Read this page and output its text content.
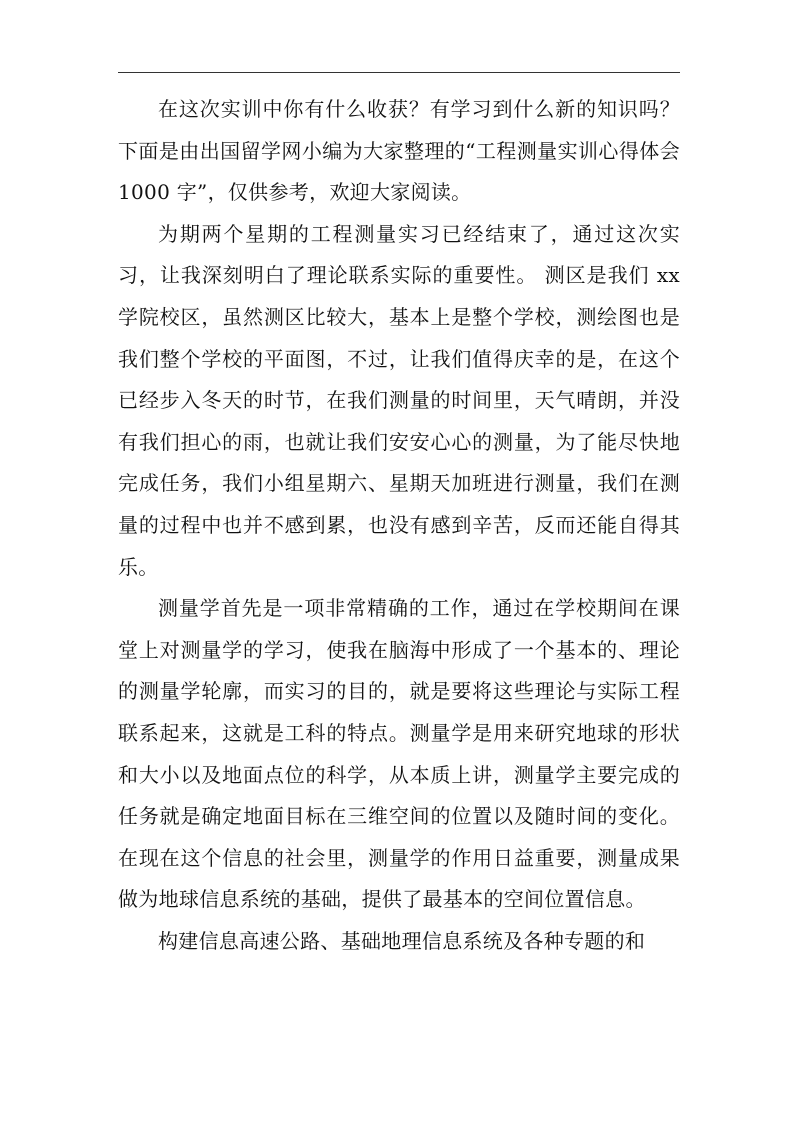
在这次实训中你有什么收获？有学习到什么新的知识吗？下面是由出国留学网小编为大家整理的“工程测量实训心得体会 1000 字”，仅供参考，欢迎大家阅读。

为期两个星期的工程测量实习已经结束了，通过这次实习，让我深刻明白了理论联系实际的重要性。 测区是我们 xx 学院校区，虽然测区比较大，基本上是整个学校，测绘图也是我们整个学校的平面图，不过，让我们值得庆幸的是，在这个已经步入冬天的时节，在我们测量的时间里，天气晴朗，并没有我们担心的雨，也就让我们安安心心的测量，为了能尽快地完成任务，我们小组星期六、星期天加班进行测量，我们在测量的过程中也并不感到累，也没有感到辛苦，反而还能自得其乐。

测量学首先是一项非常精确的工作，通过在学校期间在课堂上对测量学的学习，使我在脑海中形成了一个基本的、理论的测量学轮廓，而实习的目的，就是要将这些理论与实际工程联系起来，这就是工科的特点。测量学是用来研究地球的形状和大小以及地面点位的科学，从本质上讲，测量学主要完成的任务就是确定地面目标在三维空间的位置以及随时间的变化。在现在这个信息的社会里，测量学的作用日益重要，测量成果做为地球信息系统的基础，提供了最基本的空间位置信息。

构建信息高速公路、基础地理信息系统及各种专题的和
